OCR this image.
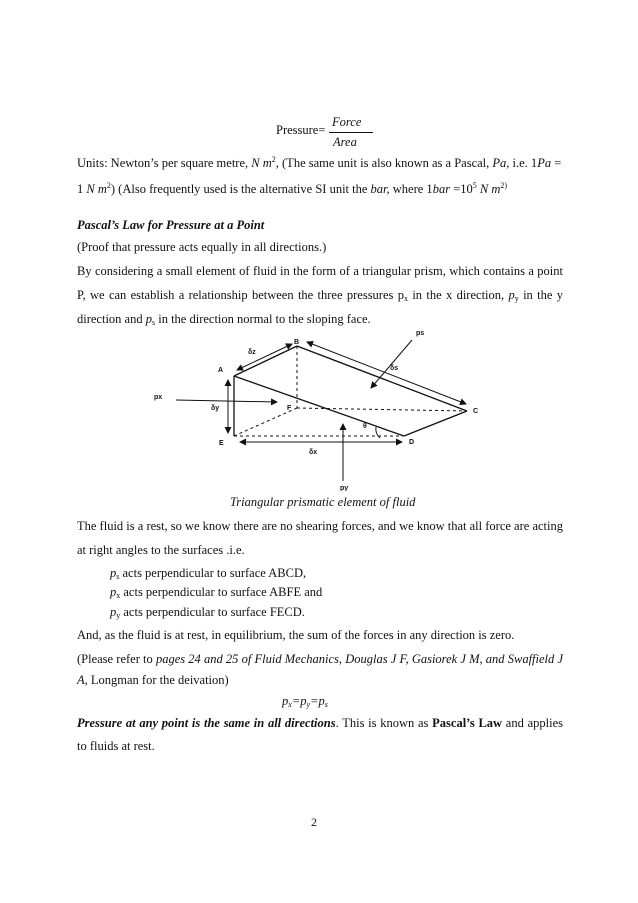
Pressure=
Force
Area
Units: Newton’s per square metre, N $m^2$, (The same unit is also known as a Pascal, Pa, i.e. 1Pa =
1 N $m^2$) (Also frequently used is the alternative SI unit the bar, where $1bar =10^5$ N $m^{2)}$
Pascal’s Law for Pressure at a Point
(Proof that pressure acts equally in all directions.)
By considering a small element of fluid in the form of a triangular prism, which contains a point
P, we can establish a relationship between the three pressures $p_x$ in the x direction, $p_y$ in the y
direction and $p_s$ in the direction normal to the sloping face.
A
B
C
D
E
F
δz
δs
δy
δx
px
py
ps
θ
Triangular prismatic element of fluid
The fluid is a rest, so we know there are no shearing forces, and we know that all force are acting
at right angles to the surfaces .i.e.
$p_s$ acts perpendicular to surface ABCD,
$p_x$ acts perpendicular to surface ABFE and
$p_y$ acts perpendicular to surface FECD.
And, as the fluid is at rest, in equilibrium, the sum of the forces in any direction is zero.
(Please refer to pages 24 and 25 of Fluid Mechanics, Douglas J F, Gasiorek J M, and Swaffield J
A, Longman for the deivation)
$p_x=p_y=p_s$
Pressure at any point is the same in all directions. This is known as Pascal’s Law and applies
to fluids at rest.
2
